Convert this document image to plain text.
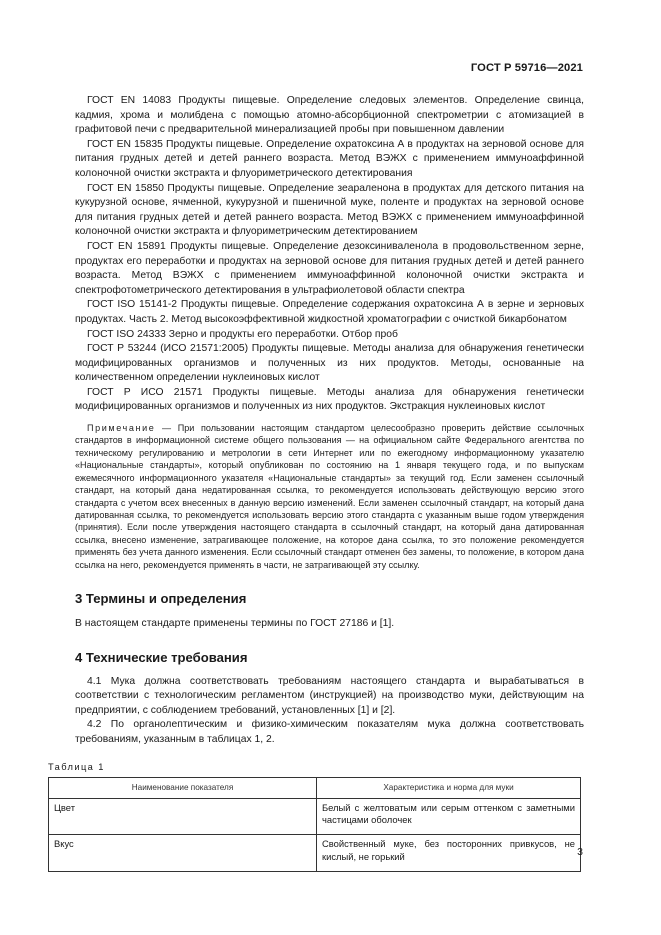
ГОСТ Р 59716—2021

ГОСТ EN 14083 Продукты пищевые. Определение следовых элементов. Определение свинца, кадмия, хрома и молибдена с помощью атомно-абсорбционной спектрометрии с атомизацией в графитовой печи с предварительной минерализацией пробы при повышенном давлении

ГОСТ EN 15835 Продукты пищевые. Определение охратоксина А в продуктах на зерновой основе для питания грудных детей и детей раннего возраста. Метод ВЭЖХ с применением иммуноаффинной колоночной очистки экстракта и флуориметрического детектирования

ГОСТ EN 15850 Продукты пищевые. Определение зеараленона в продуктах для детского питания на кукурузной основе, ячменной, кукурузной и пшеничной муке, поленте и продуктах на зерновой основе для питания грудных детей и детей раннего возраста. Метод ВЭЖХ с применением иммуноаффинной колоночной очистки экстракта и флуориметрическим детектированием

ГОСТ EN 15891 Продукты пищевые. Определение дезоксиниваленола в продовольственном зерне, продуктах его переработки и продуктах на зерновой основе для питания грудных детей и детей раннего возраста. Метод ВЭЖХ с применением иммуноаффинной колоночной очистки экстракта и спектрофотометрического детектирования в ультрафиолетовой области спектра

ГОСТ ISO 15141-2 Продукты пищевые. Определение содержания охратоксина А в зерне и зерновых продуктах. Часть 2. Метод высокоэффективной жидкостной хроматографии с очисткой бикарбонатом

ГОСТ ISO 24333 Зерно и продукты его переработки. Отбор проб

ГОСТ Р 53244 (ИСО 21571:2005) Продукты пищевые. Методы анализа для обнаружения генетически модифицированных организмов и полученных из них продуктов. Методы, основанные на количественном определении нуклеиновых кислот

ГОСТ Р ИСО 21571 Продукты пищевые. Методы анализа для обнаружения генетически модифицированных организмов и полученных из них продуктов. Экстракция нуклеиновых кислот

Примечание — При пользовании настоящим стандартом целесообразно проверить действие ссылочных стандартов в информационной системе общего пользования — на официальном сайте Федерального агентства по техническому регулированию и метрологии в сети Интернет или по ежегодному информационному указателю «Национальные стандарты», который опубликован по состоянию на 1 января текущего года, и по выпускам ежемесячного информационного указателя «Национальные стандарты» за текущий год. Если заменен ссылочный стандарт, на который дана недатированная ссылка, то рекомендуется использовать действующую версию этого стандарта с учетом всех внесенных в данную версию изменений. Если заменен ссылочный стандарт, на который дана датированная ссылка, то рекомендуется использовать версию этого стандарта с указанным выше годом утверждения (принятия). Если после утверждения настоящего стандарта в ссылочный стандарт, на который дана датированная ссылка, внесено изменение, затрагивающее положение, на которое дана ссылка, то это положение рекомендуется применять без учета данного изменения. Если ссылочный стандарт отменен без замены, то положение, в котором дана ссылка на него, рекомендуется применять в части, не затрагивающей эту ссылку.

3 Термины и определения

В настоящем стандарте применены термины по ГОСТ 27186 и [1].

4 Технические требования

4.1 Мука должна соответствовать требованиям настоящего стандарта и вырабатываться в соответствии с технологическим регламентом (инструкцией) на производство муки, действующим на предприятии, с соблюдением требований, установленных [1] и [2].

4.2 По органолептическим и физико-химическим показателям мука должна соответствовать требованиям, указанным в таблицах 1, 2.

Таблица 1
Наименование показателя	Характеристика и норма для муки
Цвет	Белый с желтоватым или серым оттенком с заметными частицами оболочек
Вкус	Свойственный муке, без посторонних привкусов, не кислый, не горький	3
